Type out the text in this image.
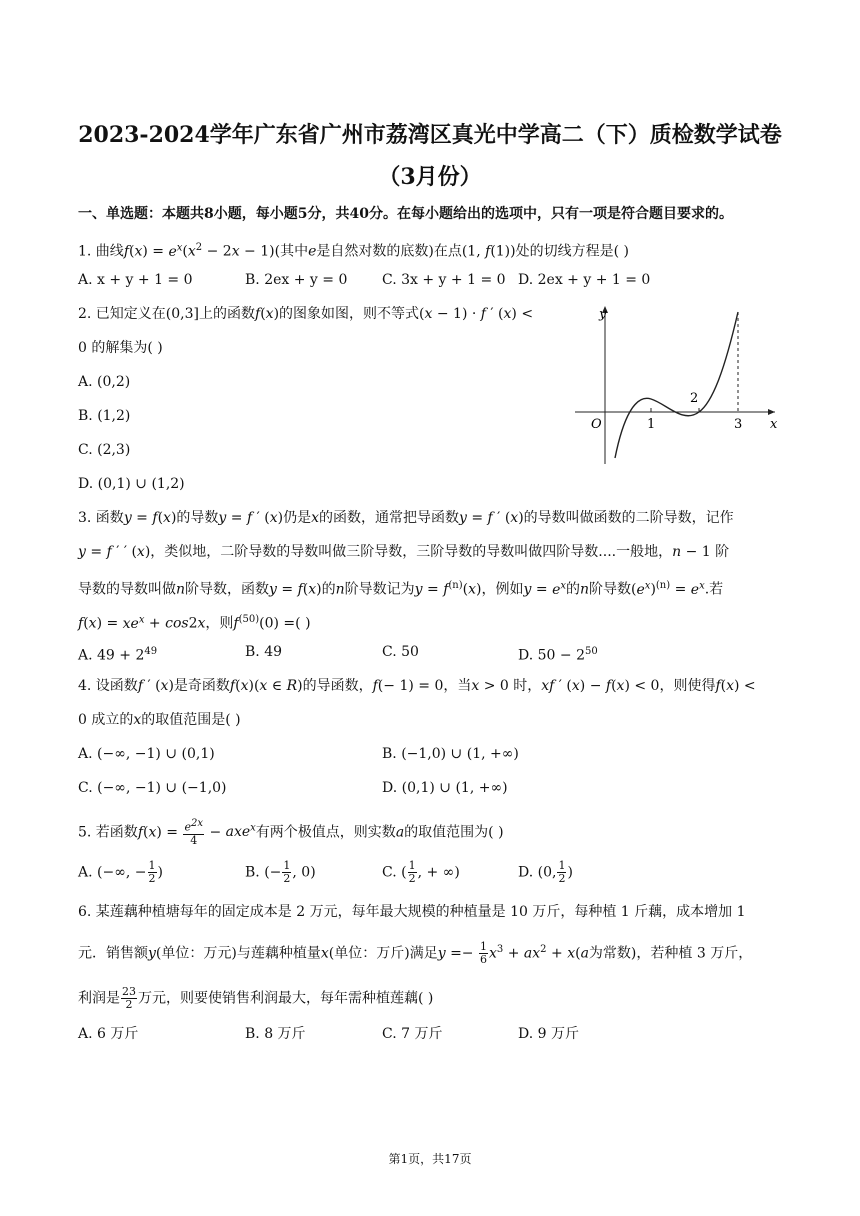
2023-2024学年广东省广州市荔湾区真光中学高二（下）质检数学试卷
（3月份）
一、单选题：本题共8小题，每小题5分，共40分。在每小题给出的选项中，只有一项是符合题目要求的。
1. 曲线$f(x) = e^x(x^2 - 2x - 1)$(其中e是自然对数的底数)在点(1, f(1))处的切线方程是( )
A. x + y + 1 = 0	B. 2ex + y = 0 C. 3x + y + 1 = 0 D. 2ex + y + 1 = 0
2. 已知定义在(0,3]上的函数f(x)的图象如图，则不等式(x − 1) · f ′ (x) <
0 的解集为( )
A. (0,2)
B. (1,2)
C. (2,3)
D. (0,1) ∪ (1,2)
y
x
O	1
2
3
3. 函数y = f(x)的导数y = f ′ (x)仍是x的函数，通常把导函数y = f ′ (x)的导数叫做函数的二阶导数，记作
y = f ′ ′ (x)，类似地，二阶导数的导数叫做三阶导数，三阶导数的导数叫做四阶导数....一般地，n − 1 阶
导数的导数叫做n阶导数，函数y = f(x)的n阶导数记为$y = f^{(n)}(x)$，例如$y = e^x$的n阶导数$(e^x)^{(n)} = e^x$.若
$f(x) = xe^x + \cos 2x$，则$f^{(50)}(0)$ =( )
A. $49 + 2^{49}$	B. 49	C. 50	D. $50 - 2^{50}$
4. 设函数f ′ (x)是奇函数f(x)(x ∈ R)的导函数，f(− 1) = 0，当x > 0 时，xf ′ (x) − f(x) < 0，则使得f(x) <
0 成立的x的取值范围是( )
A. (−∞, −1) ∪ (0,1)	B. (−1,0) ∪ (1, +∞)
C. (−∞, −1) ∪ (−1,0)	D. (0,1) ∪ (1, +∞)
5. 若函数$f(x) = \frac{e^{2x}}{4} - axe^x$有两个极值点，则实数a的取值范围为( )
A. (−∞, − $\frac{1}{2}$ )	B. (− $\frac{1}{2}$ , 0)	C. ( $\frac{1}{2}$ , + ∞)	D. (0, $\frac{1}{2}$ )
6. 某莲藕种植塘每年的固定成本是 2 万元，每年最大规模的种植量是 10 万斤，每种植 1 斤藕，成本增加 1
元．销售额y(单位：万元)与莲藕种植量x(单位：万斤)满足$y =- \frac{1}{6} x^3 + ax^2 + x(a$为常数)，若种植 3 万斤，
利润是 $\frac{23}{2}$ 万元，则要使销售利润最大，每年需种植莲藕( )
A. 6 万斤	B. 8 万斤	C. 7 万斤	D. 9 万斤
第1页，共17页
